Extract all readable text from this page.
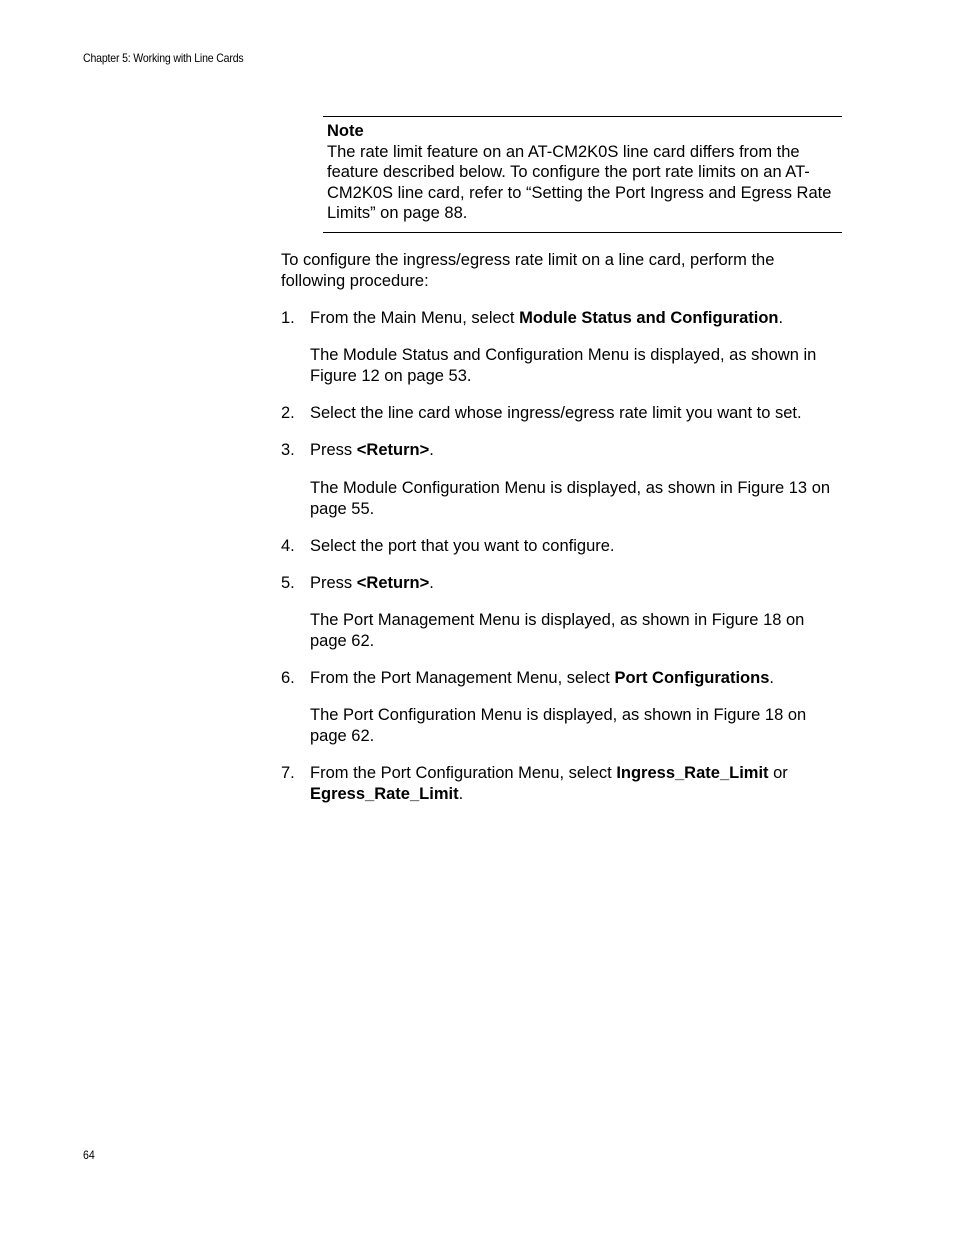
Chapter 5: Working with Line Cards
Note
The rate limit feature on an AT-CM2K0S line card differs from the feature described below. To configure the port rate limits on an AT-CM2K0S line card, refer to “Setting the Port Ingress and Egress Rate Limits” on page 88.
To configure the ingress/egress rate limit on a line card, perform the following procedure:
1. From the Main Menu, select Module Status and Configuration.
The Module Status and Configuration Menu is displayed, as shown in Figure 12 on page 53.
2. Select the line card whose ingress/egress rate limit you want to set.
3. Press <Return>.
The Module Configuration Menu is displayed, as shown in Figure 13 on page 55.
4. Select the port that you want to configure.
5. Press <Return>.
The Port Management Menu is displayed, as shown in Figure 18 on page 62.
6. From the Port Management Menu, select Port Configurations.
The Port Configuration Menu is displayed, as shown in Figure 18 on page 62.
7. From the Port Configuration Menu, select Ingress_Rate_Limit or Egress_Rate_Limit.
64
